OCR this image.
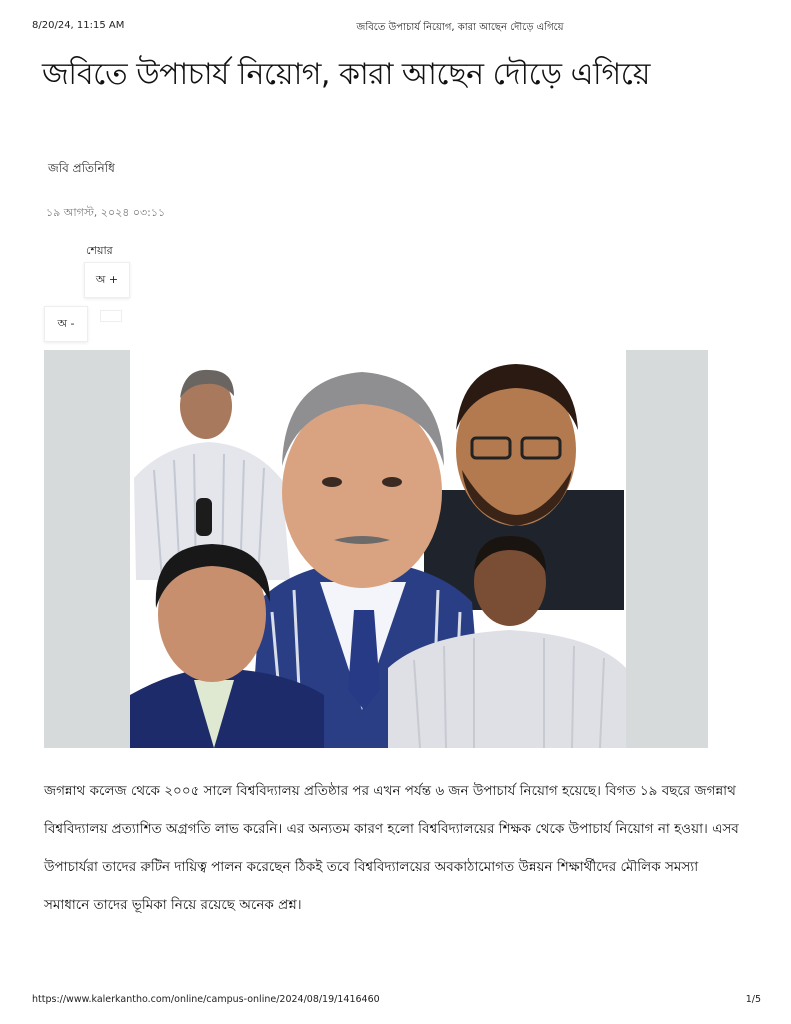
8/20/24, 11:15 AM	জবিতে উপাচার্য নিয়োগ, কারা আছেন দৌড়ে এগিয়ে
জবিতে উপাচার্য নিয়োগ, কারা আছেন দৌড়ে এগিয়ে
জবি প্রতিনিধি
১৯ আগস্ট, ২০২৪ ০৩:১১
শেয়ার
অ +
অ -

জগন্নাথ কলেজ থেকে ২০০৫ সালে বিশ্ববিদ্যালয় প্রতিষ্ঠার পর এখন পর্যন্ত ৬ জন উপাচার্য নিয়োগ হয়েছে। বিগত ১৯ বছরে জগন্নাথ বিশ্ববিদ্যালয় প্রত্যাশিত অগ্রগতি লাভ করেনি। এর অন্যতম কারণ হলো বিশ্ববিদ্যালয়ের শিক্ষক থেকে উপাচার্য নিয়োগ না হওয়া। এসব উপাচার্যরা তাদের রুটিন দায়িত্ব পালন করেছেন ঠিকই তবে বিশ্ববিদ্যালয়ের অবকাঠামোগত উন্নয়ন শিক্ষার্থীদের মৌলিক সমস্যা সমাধানে তাদের ভূমিকা নিয়ে রয়েছে অনেক প্রশ্ন।

https://www.kalerkantho.com/online/campus-online/2024/08/19/1416460	1/5
